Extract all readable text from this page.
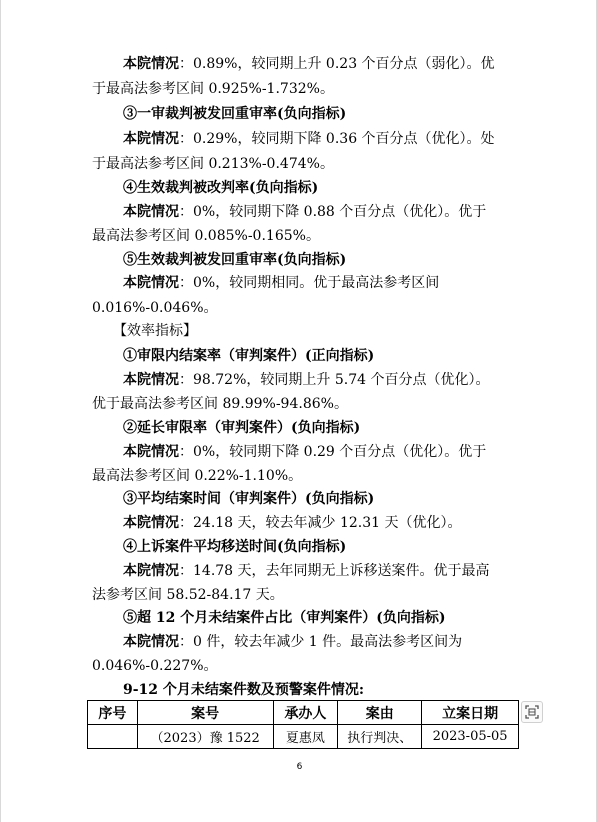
本院情况：0.89%，较同期上升 0.23 个百分点（弱化）。优
于最高法参考区间 0.925%-1.732%。
③一审裁判被发回重审率(负向指标)
本院情况：0.29%，较同期下降 0.36 个百分点（优化）。处
于最高法参考区间 0.213%-0.474%。
④生效裁判被改判率(负向指标)
本院情况：0%，较同期下降 0.88 个百分点（优化）。优于
最高法参考区间 0.085%-0.165%。
⑤生效裁判被发回重审率(负向指标)
本院情况：0%，较同期相同。优于最高法参考区间
0.016%-0.046%。
【效率指标】
①审限内结案率（审判案件）(正向指标)
本院情况：98.72%，较同期上升 5.74 个百分点（优化）。
优于最高法参考区间 89.99%-94.86%。
②延长审限率（审判案件）(负向指标)
本院情况：0%，较同期下降 0.29 个百分点（优化）。优于
最高法参考区间 0.22%-1.10%。
③平均结案时间（审判案件）(负向指标)
本院情况：24.18 天，较去年减少 12.31 天（优化）。
④上诉案件平均移送时间(负向指标)
本院情况：14.78 天，去年同期无上诉移送案件。优于最高
法参考区间 58.52-84.17 天。
⑤超 12 个月未结案件占比（审判案件）(负向指标)
本院情况：0 件，较去年减少 1 件。最高法参考区间为
0.046%-0.227%。
9-12 个月未结案件数及预警案件情况:
序号	案号	承办人	案由	立案日期
	（2023）豫 1522	夏惠凤	执行判决、	2023-05-05
6
